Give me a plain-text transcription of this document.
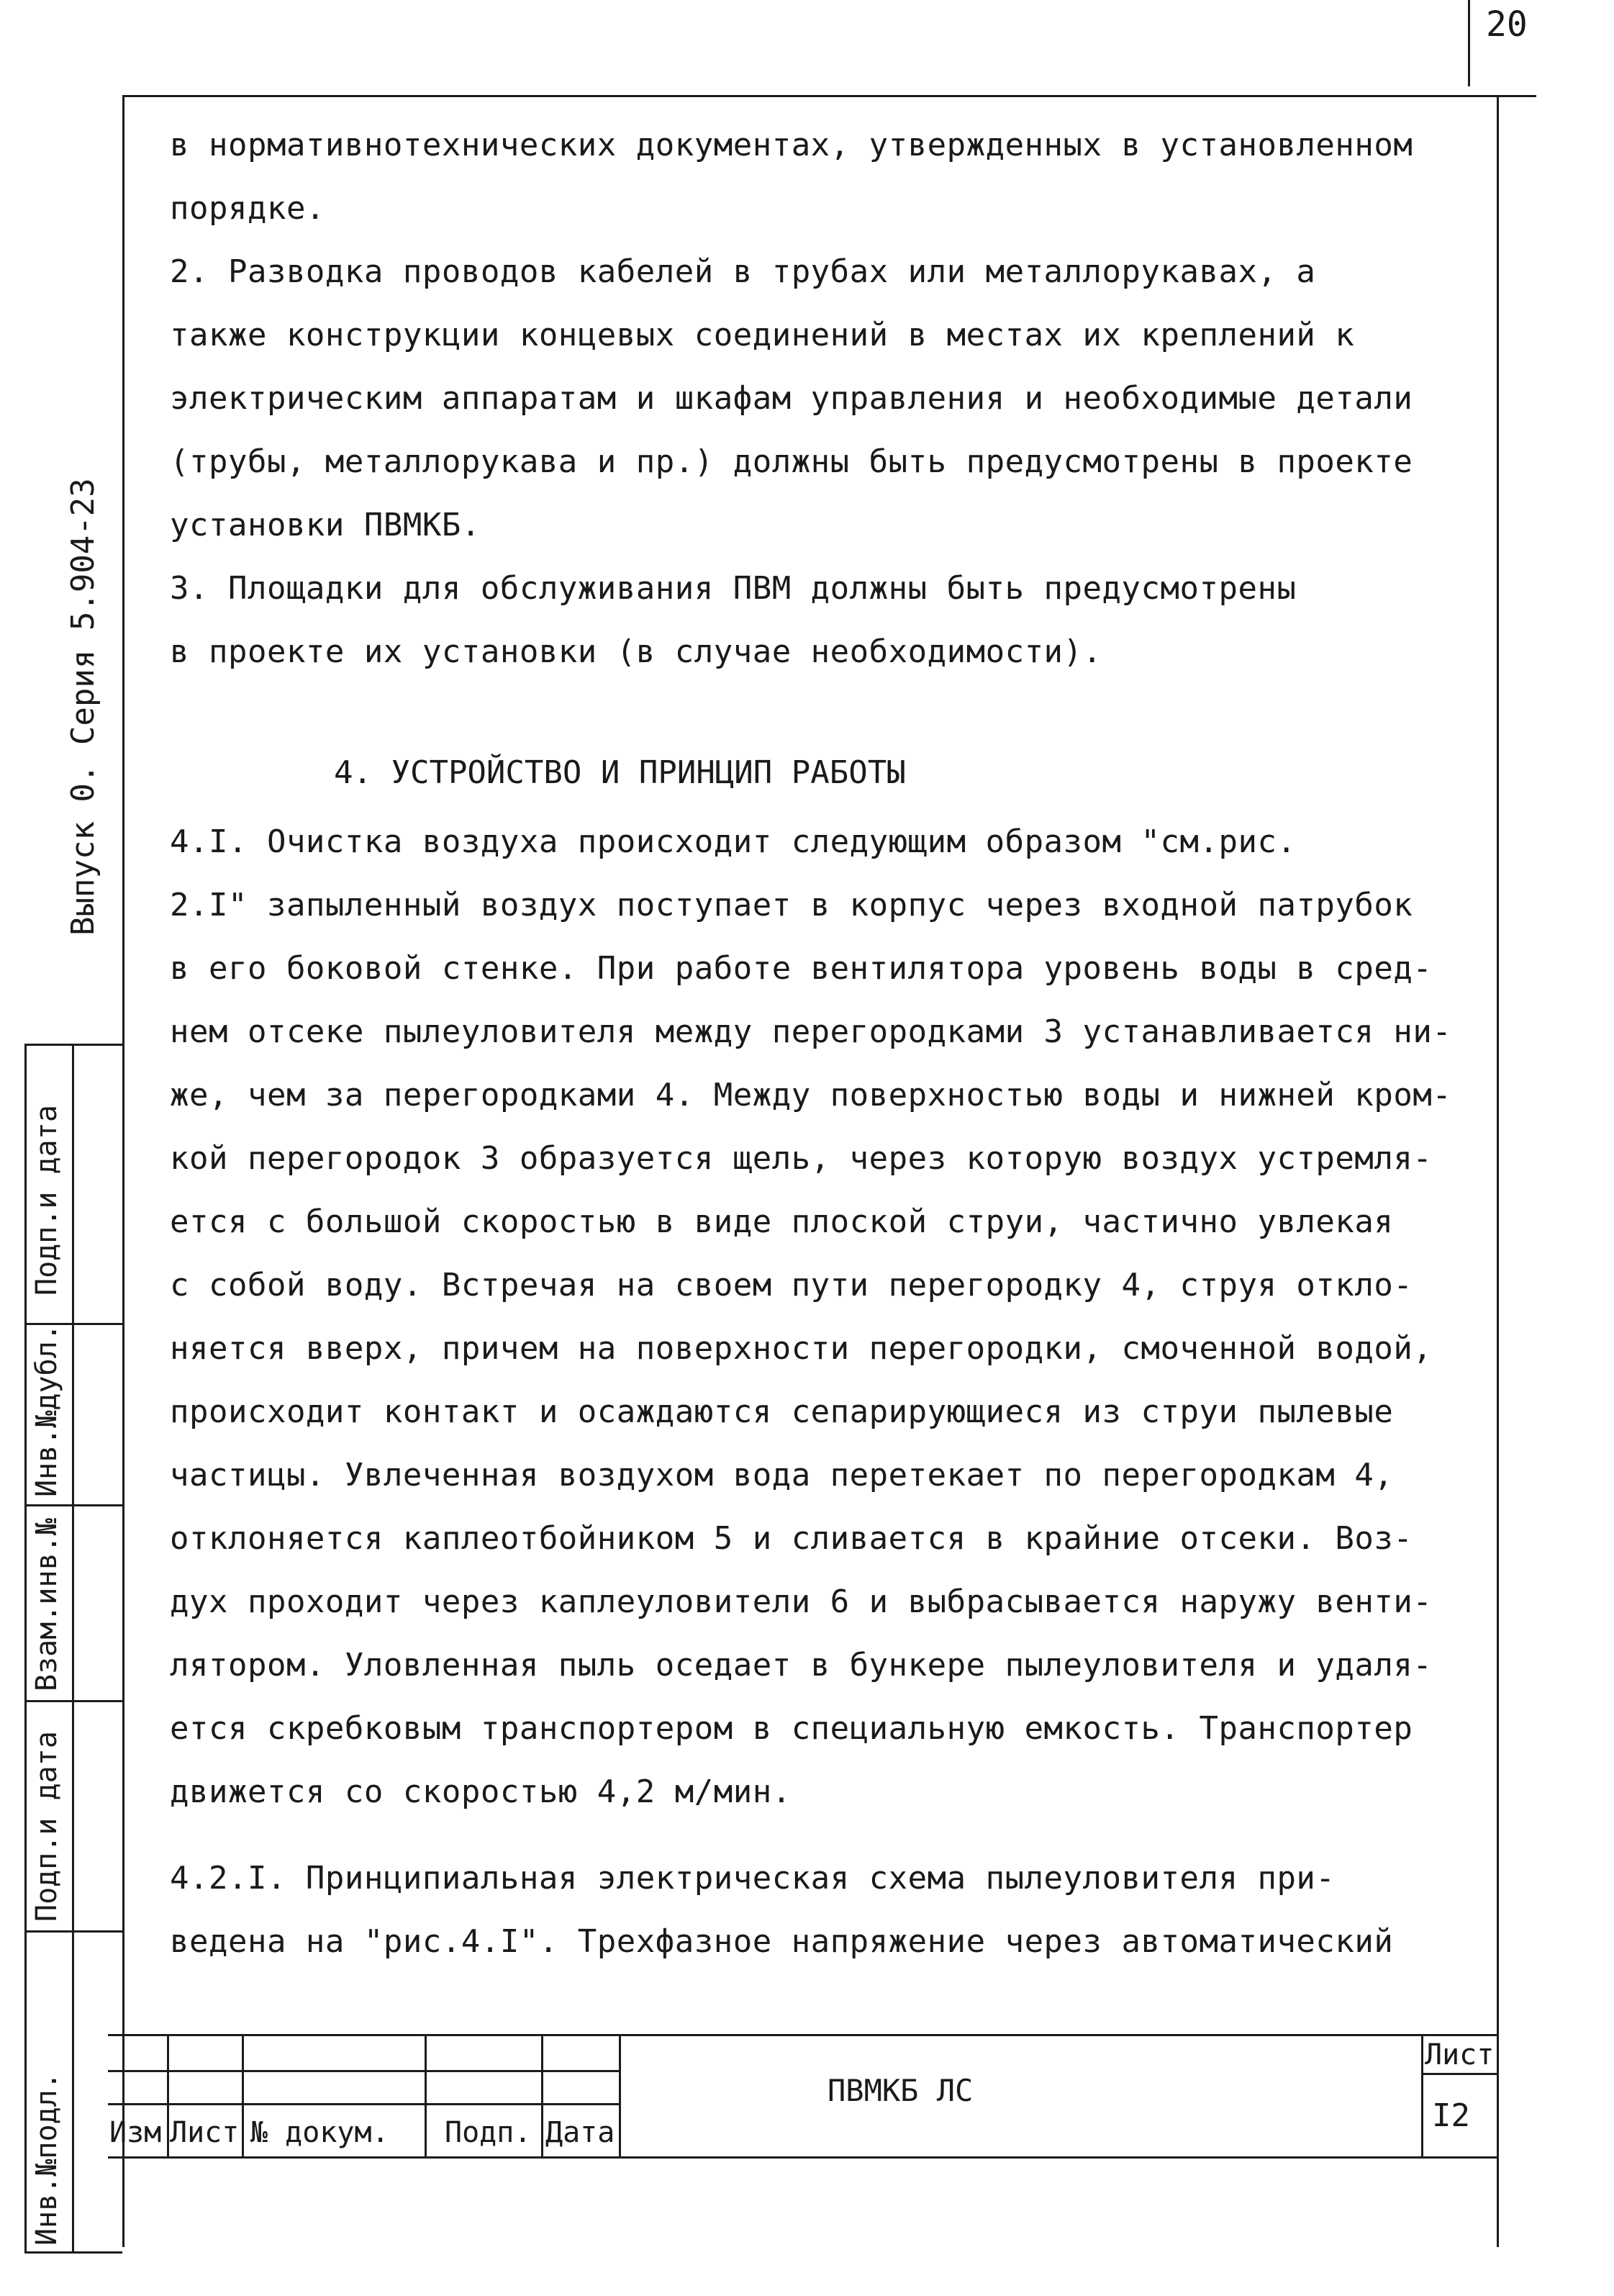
20
в нормативнотехнических документах, утвержденных в установленном
порядке.
2. Разводка проводов кабелей в трубах или металлорукавах, а
также конструкции концевых соединений в местах их креплений к
электрическим аппаратам и шкафам управления и необходимые детали
(трубы, металлорукава и пр.) должны быть предусмотрены в проекте
установки ПВМКБ.
3. Площадки для обслуживания ПВМ должны быть предусмотрены
в проекте их установки (в случае необходимости).
4. УСТРОЙСТВО И ПРИНЦИП РАБОТЫ
4.I. Очистка воздуха происходит следующим образом "см.рис.
2.I" запыленный воздух поступает в корпус через входной патрубок
в его боковой стенке. При работе вентилятора уровень воды в сред-
нем отсеке пылеуловителя между перегородками 3 устанавливается ни-
же, чем за перегородками 4. Между поверхностью воды и нижней кром-
кой перегородок 3 образуется щель, через которую воздух устремля-
ется с большой скоростью в виде плоской струи, частично увлекая
с собой воду. Встречая на своем пути перегородку 4, струя откло-
няется вверх, причем на поверхности перегородки, смоченной водой,
происходит контакт и осаждаются сепарирующиеся из струи пылевые
частицы. Увлеченная воздухом вода перетекает по перегородкам 4,
отклоняется каплеотбойником 5 и сливается в крайние отсеки. Воз-
дух проходит через каплеуловители 6 и выбрасывается наружу венти-
лятором. Уловленная пыль оседает в бункере пылеуловителя и удаля-
ется скребковым транспортером в специальную емкость. Транспортер
движется со скоростью 4,2 м/мин.
4.2.I. Принципиальная электрическая схема пылеуловителя при-
ведена на "рис.4.I". Трехфазное напряжение через автоматический
Выпуск 0. Серия 5.904-23
Подп.и дата
Инв.№дубл.
Взам.инв.№
Подп.и дата
Инв.№подл. Изм Лист № докум. Подп. Дата
ПВМКБ ЛС
Лист
I2
